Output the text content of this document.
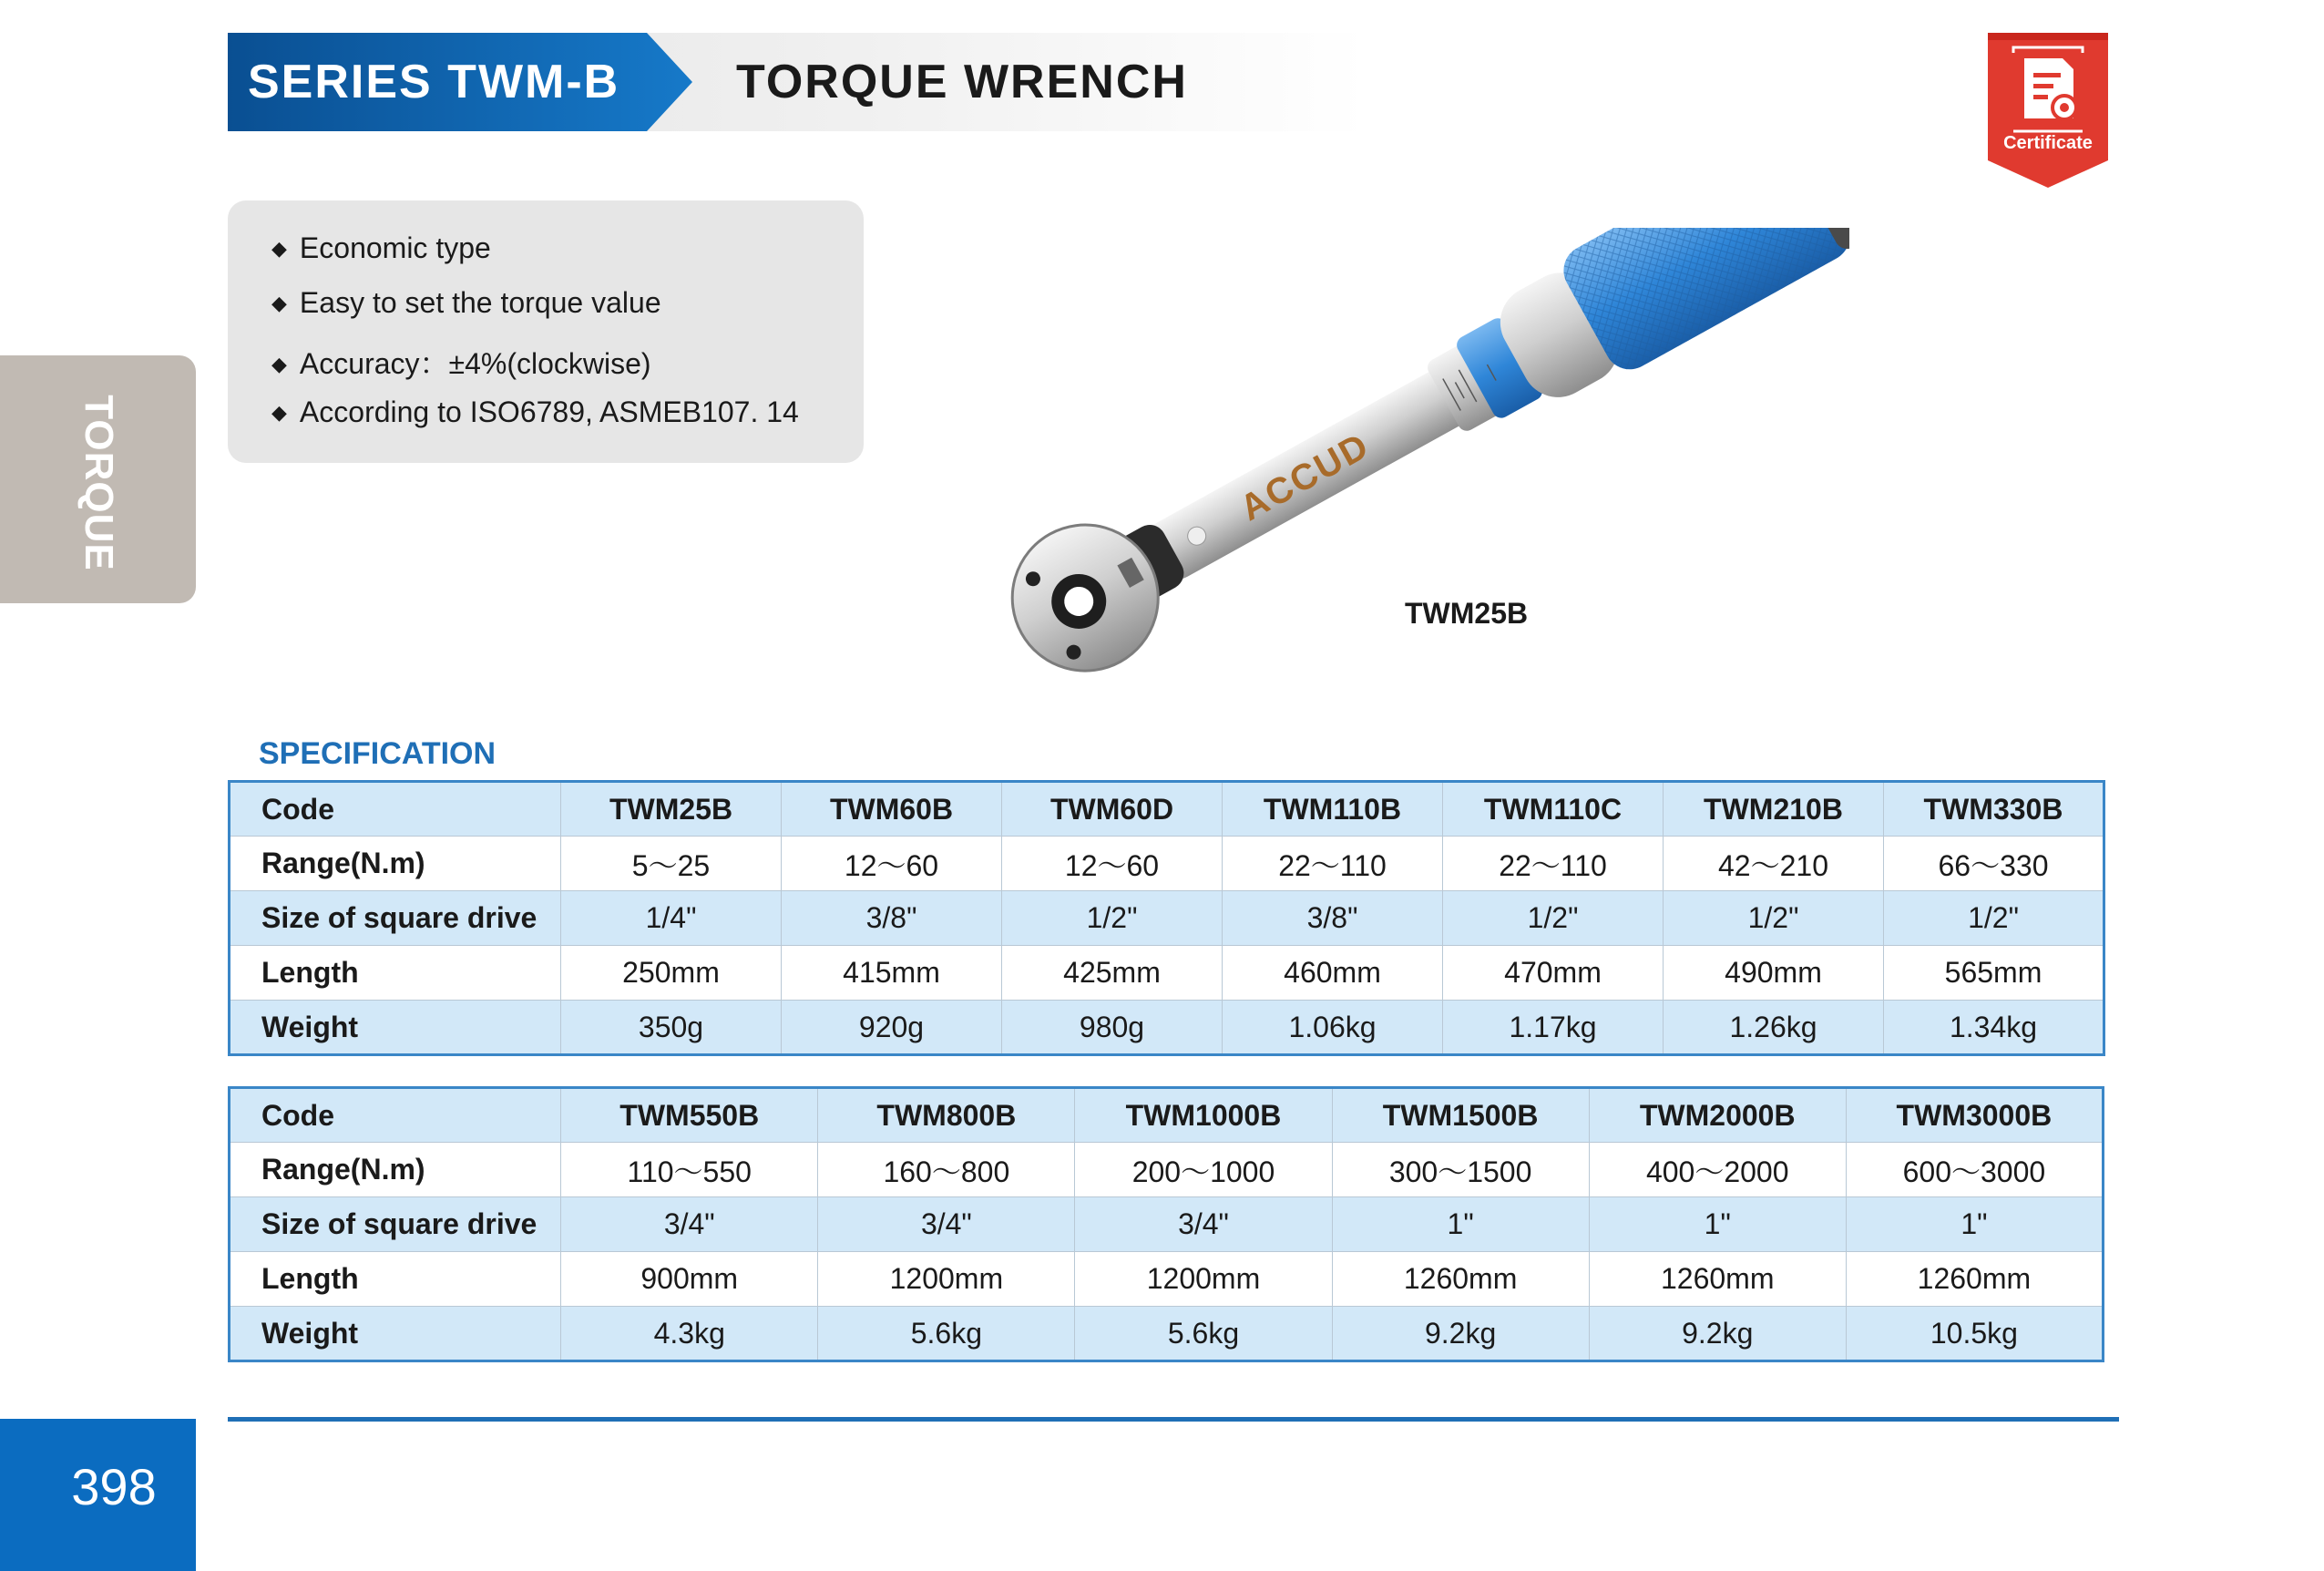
SERIES TWM-B TORQUE WRENCH
Certificate
TORQUE
◆ Economic type
◆ Easy to set the torque value
◆ Accuracy：±4%(clockwise)
◆ According to ISO6789, ASMEB107. 14
ACCUD
TWM25B
SPECIFICATION
Code	TWM25B	TWM60B	TWM60D	TWM110B	TWM110C	TWM210B	TWM330B
Range(N.m)	5～25	12～60	12～60	22～110	22～110	42～210	66～330
Size of square drive	1/4"	3/8"	1/2"	3/8"	1/2"	1/2"	1/2"
Length	250mm	415mm	425mm	460mm	470mm	490mm	565mm
Weight	350g	920g	980g	1.06kg	1.17kg	1.26kg	1.34kg
Code	TWM550B	TWM800B	TWM1000B	TWM1500B	TWM2000B	TWM3000B
Range(N.m)	110～550	160～800	200～1000	300～1500	400～2000	600～3000
Size of square drive	3/4"	3/4"	3/4"	1"	1"	1"
Length	900mm	1200mm	1200mm	1260mm	1260mm	1260mm
Weight	4.3kg	5.6kg	5.6kg	9.2kg	9.2kg	10.5kg
398
